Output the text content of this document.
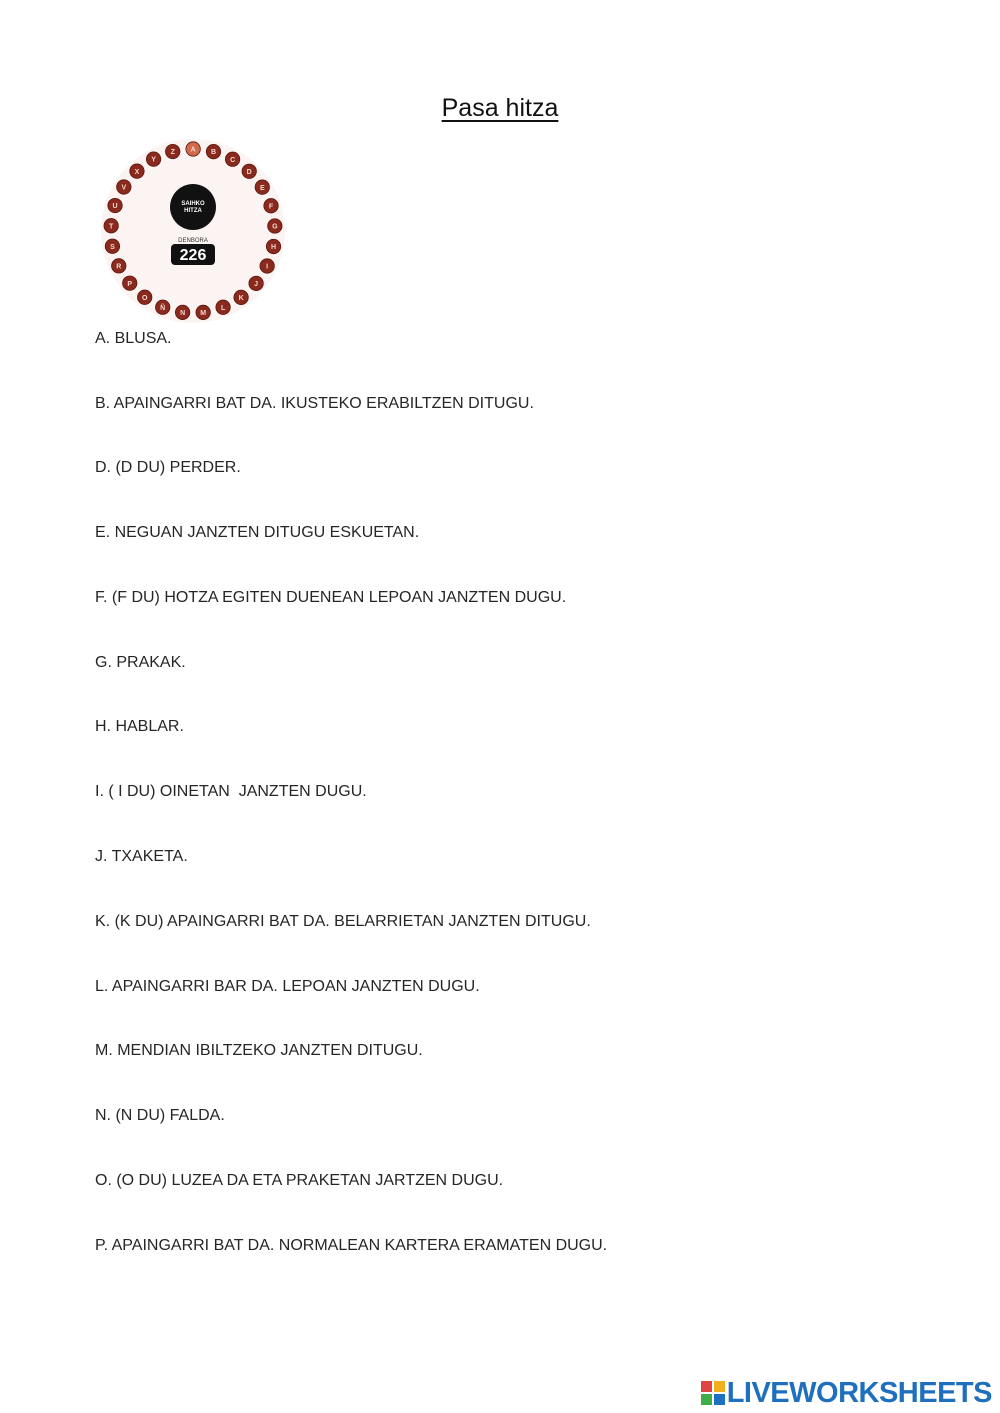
Pasa hitza
Z A B
C
D
E
F
G
H
I
J
K
L
M
N
Ñ
O
P
R
S
T
U
V
X
Y
SAIHKO
HITZA
DENBORA
226
A. BLUSA.
B. APAINGARRI BAT DA. IKUSTEKO ERABILTZEN DITUGU.
D. (D DU) PERDER.
E. NEGUAN JANZTEN DITUGU ESKUETAN.
F. (F DU) HOTZA EGITEN DUENEAN LEPOAN JANZTEN DUGU.
G. PRAKAK.
H. HABLAR.
I. ( I DU) OINETAN  JANZTEN DUGU.
J. TXAKETA.
K. (K DU) APAINGARRI BAT DA. BELARRIETAN JANZTEN DITUGU.
L. APAINGARRI BAR DA. LEPOAN JANZTEN DUGU.
M. MENDIAN IBILTZEKO JANZTEN DITUGU.
N. (N DU) FALDA.
O. (O DU) LUZEA DA ETA PRAKETAN JARTZEN DUGU.
P. APAINGARRI BAT DA. NORMALEAN KARTERA ERAMATEN DUGU.
LIVEWORKSHEETS
